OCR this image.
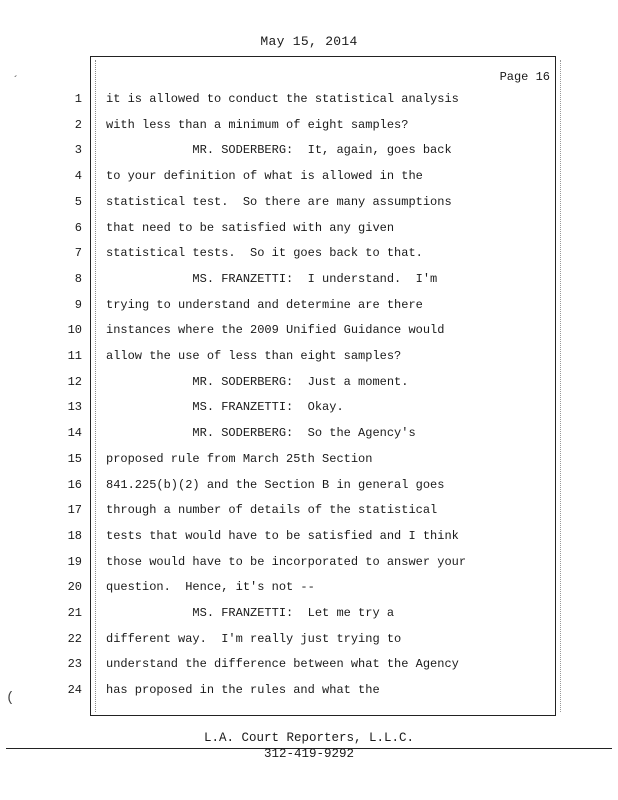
May 15, 2014
´	Page 16
1 it is allowed to conduct the statistical analysis
2 with less than a minimum of eight samples?
3 MR. SODERBERG:  It, again, goes back
4 to your definition of what is allowed in the
5 statistical test.  So there are many assumptions
6 that need to be satisfied with any given
7 statistical tests.  So it goes back to that.
8 MS. FRANZETTI:  I understand.  I'm
9 trying to understand and determine are there
10 instances where the 2009 Unified Guidance would
11 allow the use of less than eight samples?
12 MR. SODERBERG:  Just a moment.
13 MS. FRANZETTI:  Okay.
14 MR. SODERBERG:  So the Agency's
15 proposed rule from March 25th Section
16 841.225(b)(2) and the Section B in general goes
17 through a number of details of the statistical
18 tests that would have to be satisfied and I think
19 those would have to be incorporated to answer your
20 question.  Hence, it's not --
21 MS. FRANZETTI:  Let me try a
22 different way.  I'm really just trying to
23 understand the difference between what the Agency
24 has proposed in the rules and what the
(
L.A. Court Reporters, L.L.C.
312-419-9292
